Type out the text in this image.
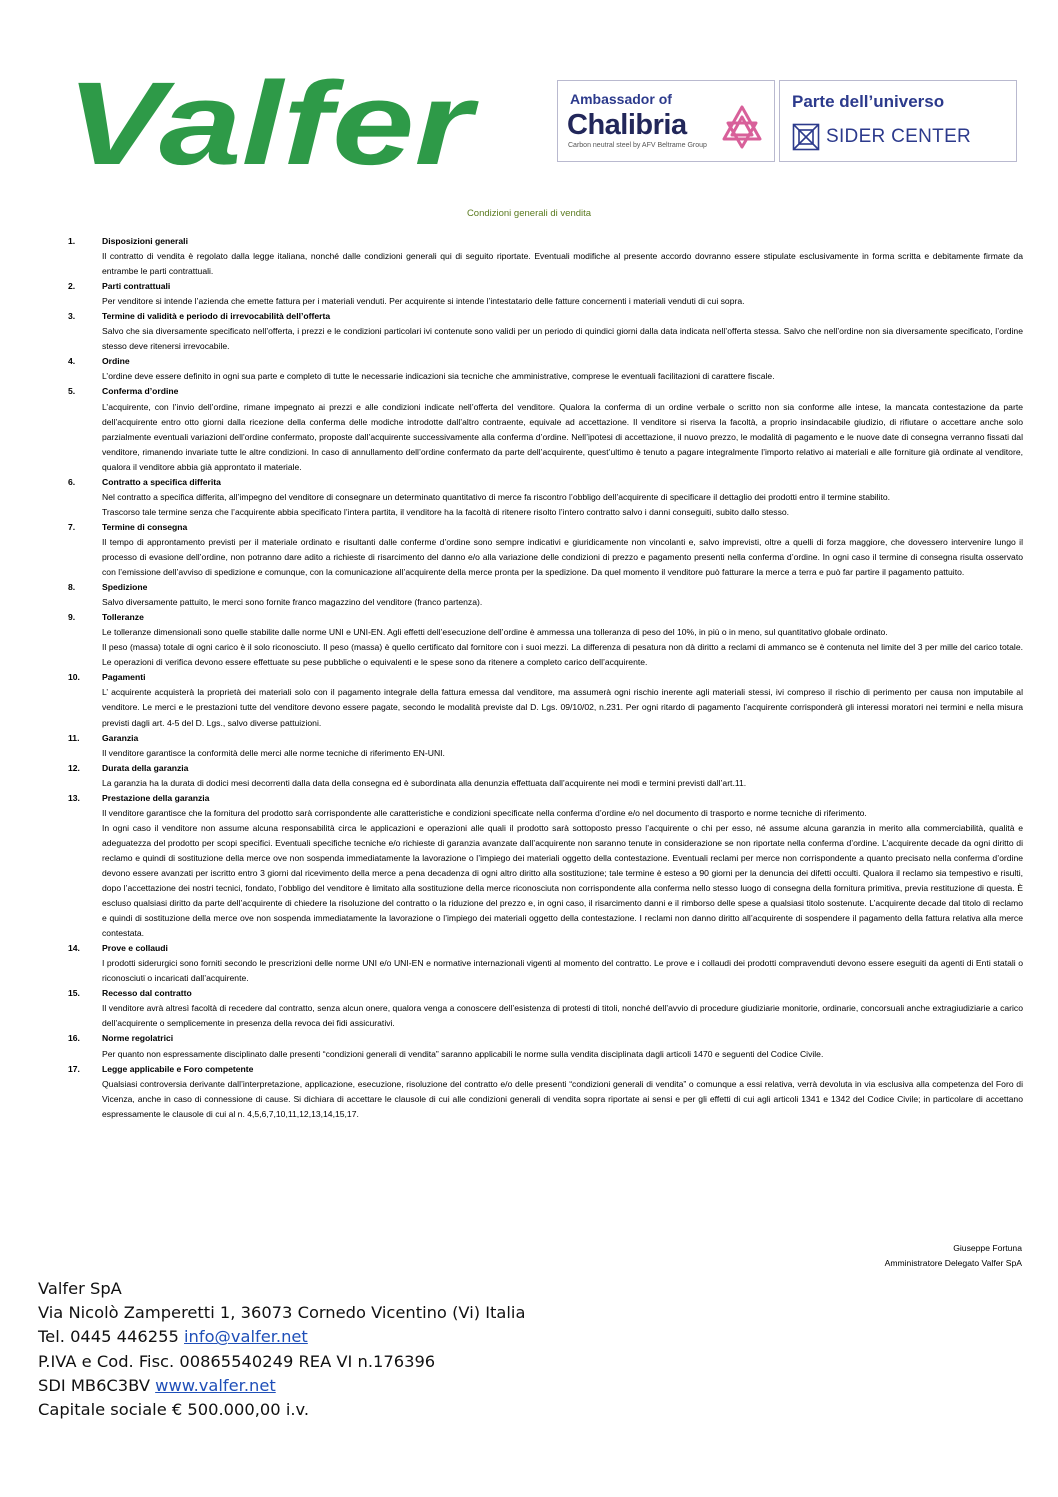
Valfer	Ambassador of
Chalibria
Carbon neutral steel by AFV Beltrame Group
Parte dell’universo
SIDER CENTER
Condizioni generali di vendita
1.	Disposizioni generali
Il contratto di vendita è regolato dalla legge italiana, nonché dalle condizioni generali qui di seguito riportate. Eventuali modifiche al presente accordo dovranno essere stipulate esclusivamente in forma scritta e debitamente firmate da entrambe le parti contrattuali.
2.	Parti contrattuali
Per venditore si intende l’azienda che emette fattura per i materiali venduti. Per acquirente si intende l’intestatario delle fatture concernenti i materiali venduti di cui sopra.
3.	Termine di validità e periodo di irrevocabilità dell’offerta
Salvo che sia diversamente specificato nell’offerta, i prezzi e le condizioni particolari ivi contenute sono validi per un periodo di quindici giorni dalla data indicata nell’offerta stessa. Salvo che nell’ordine non sia diversamente specificato, l’ordine stesso deve ritenersi irrevocabile.
4.	Ordine
L’ordine deve essere definito in ogni sua parte e completo di tutte le necessarie indicazioni sia tecniche che amministrative, comprese le eventuali facilitazioni di carattere fiscale.
5.	Conferma d’ordine
L’acquirente, con l’invio dell’ordine, rimane impegnato ai prezzi e alle condizioni indicate nell’offerta del venditore. Qualora la conferma di un ordine verbale o scritto non sia conforme alle intese, la mancata contestazione da parte dell’acquirente entro otto giorni dalla ricezione della conferma delle modiche introdotte dall’altro contraente, equivale ad accettazione. Il venditore si riserva la facoltà, a proprio insindacabile giudizio, di rifiutare o accettare anche solo parzialmente eventuali variazioni dell’ordine confermato, proposte dall’acquirente successivamente alla conferma d’ordine. Nell’ipotesi di accettazione, il nuovo prezzo, le modalità di pagamento e le nuove date di consegna verranno fissati dal venditore, rimanendo invariate tutte le altre condizioni. In caso di annullamento dell’ordine confermato da parte dell’acquirente, quest’ultimo è tenuto a pagare integralmente l’importo relativo ai materiali e alle forniture già ordinate al venditore, qualora il venditore abbia già approntato il materiale.
6.	Contratto a specifica differita
Nel contratto a specifica differita, all’impegno del venditore di consegnare un determinato quantitativo di merce fa riscontro l’obbligo dell’acquirente di specificare il dettaglio dei prodotti entro il termine stabilito.
Trascorso tale termine senza che l’acquirente abbia specificato l’intera partita, il venditore ha la facoltà di ritenere risolto l’intero contratto salvo i danni conseguiti, subito dallo stesso.
7.	Termine di consegna
Il tempo di approntamento previsti per il materiale ordinato e risultanti dalle conferme d’ordine sono sempre indicativi e giuridicamente non vincolanti e, salvo imprevisti, oltre a quelli di forza maggiore, che dovessero intervenire lungo il processo di evasione dell’ordine, non potranno dare adito a richieste di risarcimento del danno e/o alla variazione delle condizioni di prezzo e pagamento presenti nella conferma d’ordine. In ogni caso il termine di consegna risulta osservato con l’emissione dell’avviso di spedizione e comunque, con la comunicazione all’acquirente della merce pronta per la spedizione. Da quel momento il venditore può fatturare la merce a terra e può far partire il pagamento pattuito.
8.	Spedizione
Salvo diversamente pattuito, le merci sono fornite franco magazzino del venditore (franco partenza).
9.	Tolleranze
Le tolleranze dimensionali sono quelle stabilite dalle norme UNI e UNI-EN. Agli effetti dell’esecuzione dell’ordine è ammessa una tolleranza di peso del 10%, in più o in meno, sul quantitativo globale ordinato.
Il peso (massa) totale di ogni carico è il solo riconosciuto. Il peso (massa) è quello certificato dal fornitore con i suoi mezzi. La differenza di pesatura non dà diritto a reclami di ammanco se è contenuta nel limite del 3 per mille del carico totale. Le operazioni di verifica devono essere effettuate su pese pubbliche o equivalenti e le spese sono da ritenere a completo carico dell’acquirente.
10.	Pagamenti
L’ acquirente acquisterà la proprietà dei materiali solo con il pagamento integrale della fattura emessa dal venditore, ma assumerà ogni rischio inerente agli materiali stessi, ivi compreso il rischio di perimento per causa non imputabile al venditore. Le merci e le prestazioni tutte del venditore devono essere pagate, secondo le modalità previste dal D. Lgs. 09/10/02, n.231. Per ogni ritardo di pagamento l’acquirente corrisponderà gli interessi moratori nei termini e nella misura previsti dagli art. 4-5 del D. Lgs., salvo diverse pattuizioni.
11.	Garanzia
Il venditore garantisce la conformità delle merci alle norme tecniche di riferimento EN-UNI.
12.	Durata della garanzia
La garanzia ha la durata di dodici mesi decorrenti dalla data della consegna ed è subordinata alla denunzia effettuata dall’acquirente nei modi e termini previsti dall’art.11.
13.	Prestazione della garanzia
Il venditore garantisce che la fornitura del prodotto sarà corrispondente alle caratteristiche e condizioni specificate nella conferma d’ordine e/o nel documento di trasporto e norme tecniche di riferimento.
In ogni caso il venditore non assume alcuna responsabilità circa le applicazioni e operazioni alle quali il prodotto sarà sottoposto presso l’acquirente o chi per esso, né assume alcuna garanzia in merito alla commerciabilità, qualità e adeguatezza del prodotto per scopi specifici. Eventuali specifiche tecniche e/o richieste di garanzia avanzate dall’acquirente non saranno tenute in considerazione se non riportate nella conferma d’ordine. L’acquirente decade da ogni diritto di reclamo e quindi di sostituzione della merce ove non sospenda immediatamente la lavorazione o l’impiego dei materiali oggetto della contestazione. Eventuali reclami per merce non corrispondente a quanto precisato nella conferma d’ordine devono essere avanzati per iscritto entro 3 giorni dal ricevimento della merce a pena decadenza di ogni altro diritto alla sostituzione; tale termine è esteso a 90 giorni per la denuncia dei difetti occulti. Qualora il reclamo sia tempestivo e risulti, dopo l’accettazione dei nostri tecnici, fondato, l’obbligo del venditore è limitato alla sostituzione della merce riconosciuta non corrispondente alla conferma nello stesso luogo di consegna della fornitura primitiva, previa restituzione di questa. È escluso qualsiasi diritto da parte dell’acquirente di chiedere la risoluzione del contratto o la riduzione del prezzo e, in ogni caso, il risarcimento danni e il rimborso delle spese a qualsiasi titolo sostenute. L’acquirente decade dal titolo di reclamo e quindi di sostituzione della merce ove non sospenda immediatamente la lavorazione o l’impiego dei materiali oggetto della contestazione. I reclami non danno diritto all’acquirente di sospendere il pagamento della fattura relativa alla merce contestata.
14.	Prove e collaudi
I prodotti siderurgici sono forniti secondo le prescrizioni delle norme UNI e/o UNI-EN e normative internazionali vigenti al momento del contratto. Le prove e i collaudi dei prodotti compravenduti devono essere eseguiti da agenti di Enti statali o riconosciuti o incaricati dall’acquirente.
15.	Recesso dal contratto
Il venditore avrà altresì facoltà di recedere dal contratto, senza alcun onere, qualora venga a conoscere dell’esistenza di protesti di titoli, nonché dell’avvio di procedure giudiziarie monitorie, ordinarie, concorsuali anche extragiudiziarie a carico dell’acquirente o semplicemente in presenza della revoca dei fidi assicurativi.
16.	Norme regolatrici
Per quanto non espressamente disciplinato dalle presenti “condizioni generali di vendita” saranno applicabili le norme sulla vendita disciplinata dagli articoli 1470 e seguenti del Codice Civile.
17.	Legge applicabile e Foro competente
Qualsiasi controversia derivante dall’interpretazione, applicazione, esecuzione, risoluzione del contratto e/o delle presenti “condizioni generali di vendita” o comunque a essi relativa, verrà devoluta in via esclusiva alla competenza del Foro di Vicenza, anche in caso di connessione di cause. Si dichiara di accettare le clausole di cui alle condizioni generali di vendita sopra riportate ai sensi e per gli effetti di cui agli articoli 1341 e 1342 del Codice Civile; in particolare di accettano espressamente le clausole di cui al n. 4,5,6,7,10,11,12,13,14,15,17.
Giuseppe Fortuna
Amministratore Delegato Valfer SpA
Valfer SpA
Via Nicolò Zamperetti 1, 36073 Cornedo Vicentino (Vi) Italia
Tel. 0445 446255 info@valfer.net
P.IVA e Cod. Fisc. 00865540249 REA VI n.176396
SDI MB6C3BV www.valfer.net
Capitale sociale € 500.000,00 i.v.
